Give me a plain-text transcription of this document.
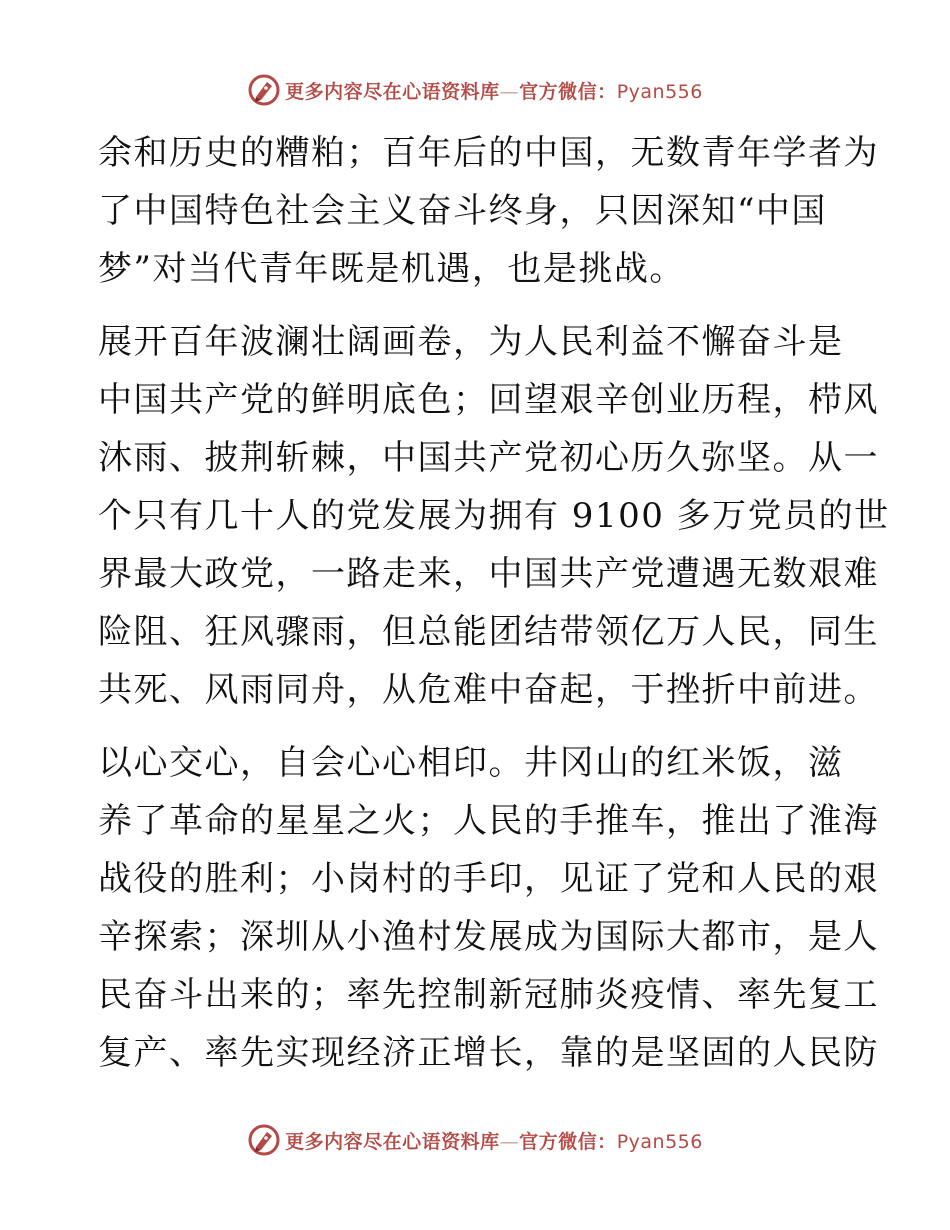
更多内容尽在心语资料库—官方微信：Pyan556
余和历史的糟粕；百年后的中国，无数青年学者为
了中国特色社会主义奋斗终身，只因深知“中国
梦”对当代青年既是机遇，也是挑战。
展开百年波澜壮阔画卷，为人民利益不懈奋斗是
中国共产党的鲜明底色；回望艰辛创业历程，栉风
沐雨、披荆斩棘，中国共产党初心历久弥坚。从一
个只有几十人的党发展为拥有 9100 多万党员的世
界最大政党，一路走来，中国共产党遭遇无数艰难
险阻、狂风骤雨，但总能团结带领亿万人民，同生
共死、风雨同舟，从危难中奋起，于挫折中前进。
以心交心，自会心心相印。井冈山的红米饭，滋
养了革命的星星之火；人民的手推车，推出了淮海
战役的胜利；小岗村的手印，见证了党和人民的艰
辛探索；深圳从小渔村发展成为国际大都市，是人
民奋斗出来的；率先控制新冠肺炎疫情、率先复工
复产、率先实现经济正增长，靠的是坚固的人民防
更多内容尽在心语资料库—官方微信：Pyan556
